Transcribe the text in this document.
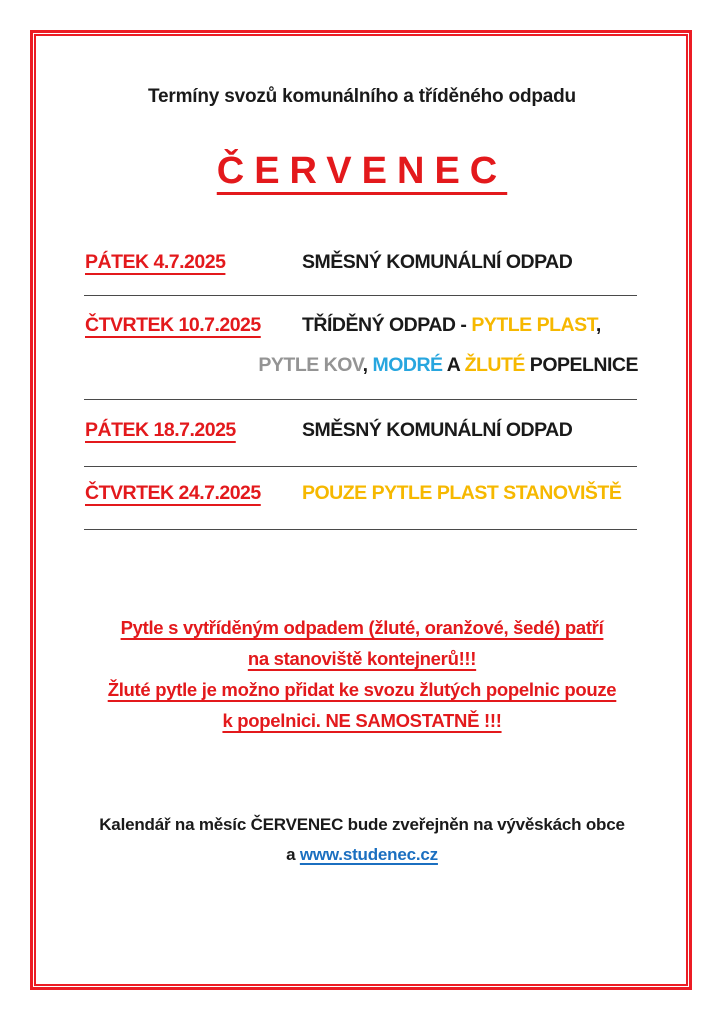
Termíny svozů komunálního a tříděného odpadu
ČERVENEC
PÁTEK 4.7.2025	SMĚSNÝ KOMUNÁLNÍ ODPAD
ČTVRTEK 10.7.2025	TŘÍDĚNÝ ODPAD - PYTLE PLAST,
PYTLE KOV, MODRÉ A ŽLUTÉ POPELNICE
PÁTEK 18.7.2025	SMĚSNÝ KOMUNÁLNÍ ODPAD
ČTVRTEK 24.7.2025	POUZE PYTLE PLAST STANOVIŠTĚ
Pytle s vytříděným odpadem (žluté, oranžové, šedé) patří
na stanoviště kontejnerů!!!
Žluté pytle je možno přidat ke svozu žlutých popelnic pouze
k popelnici. NE SAMOSTATNĚ !!!
Kalendář na měsíc ČERVENEC bude zveřejněn na vývěskách obce
a www.studenec.cz
